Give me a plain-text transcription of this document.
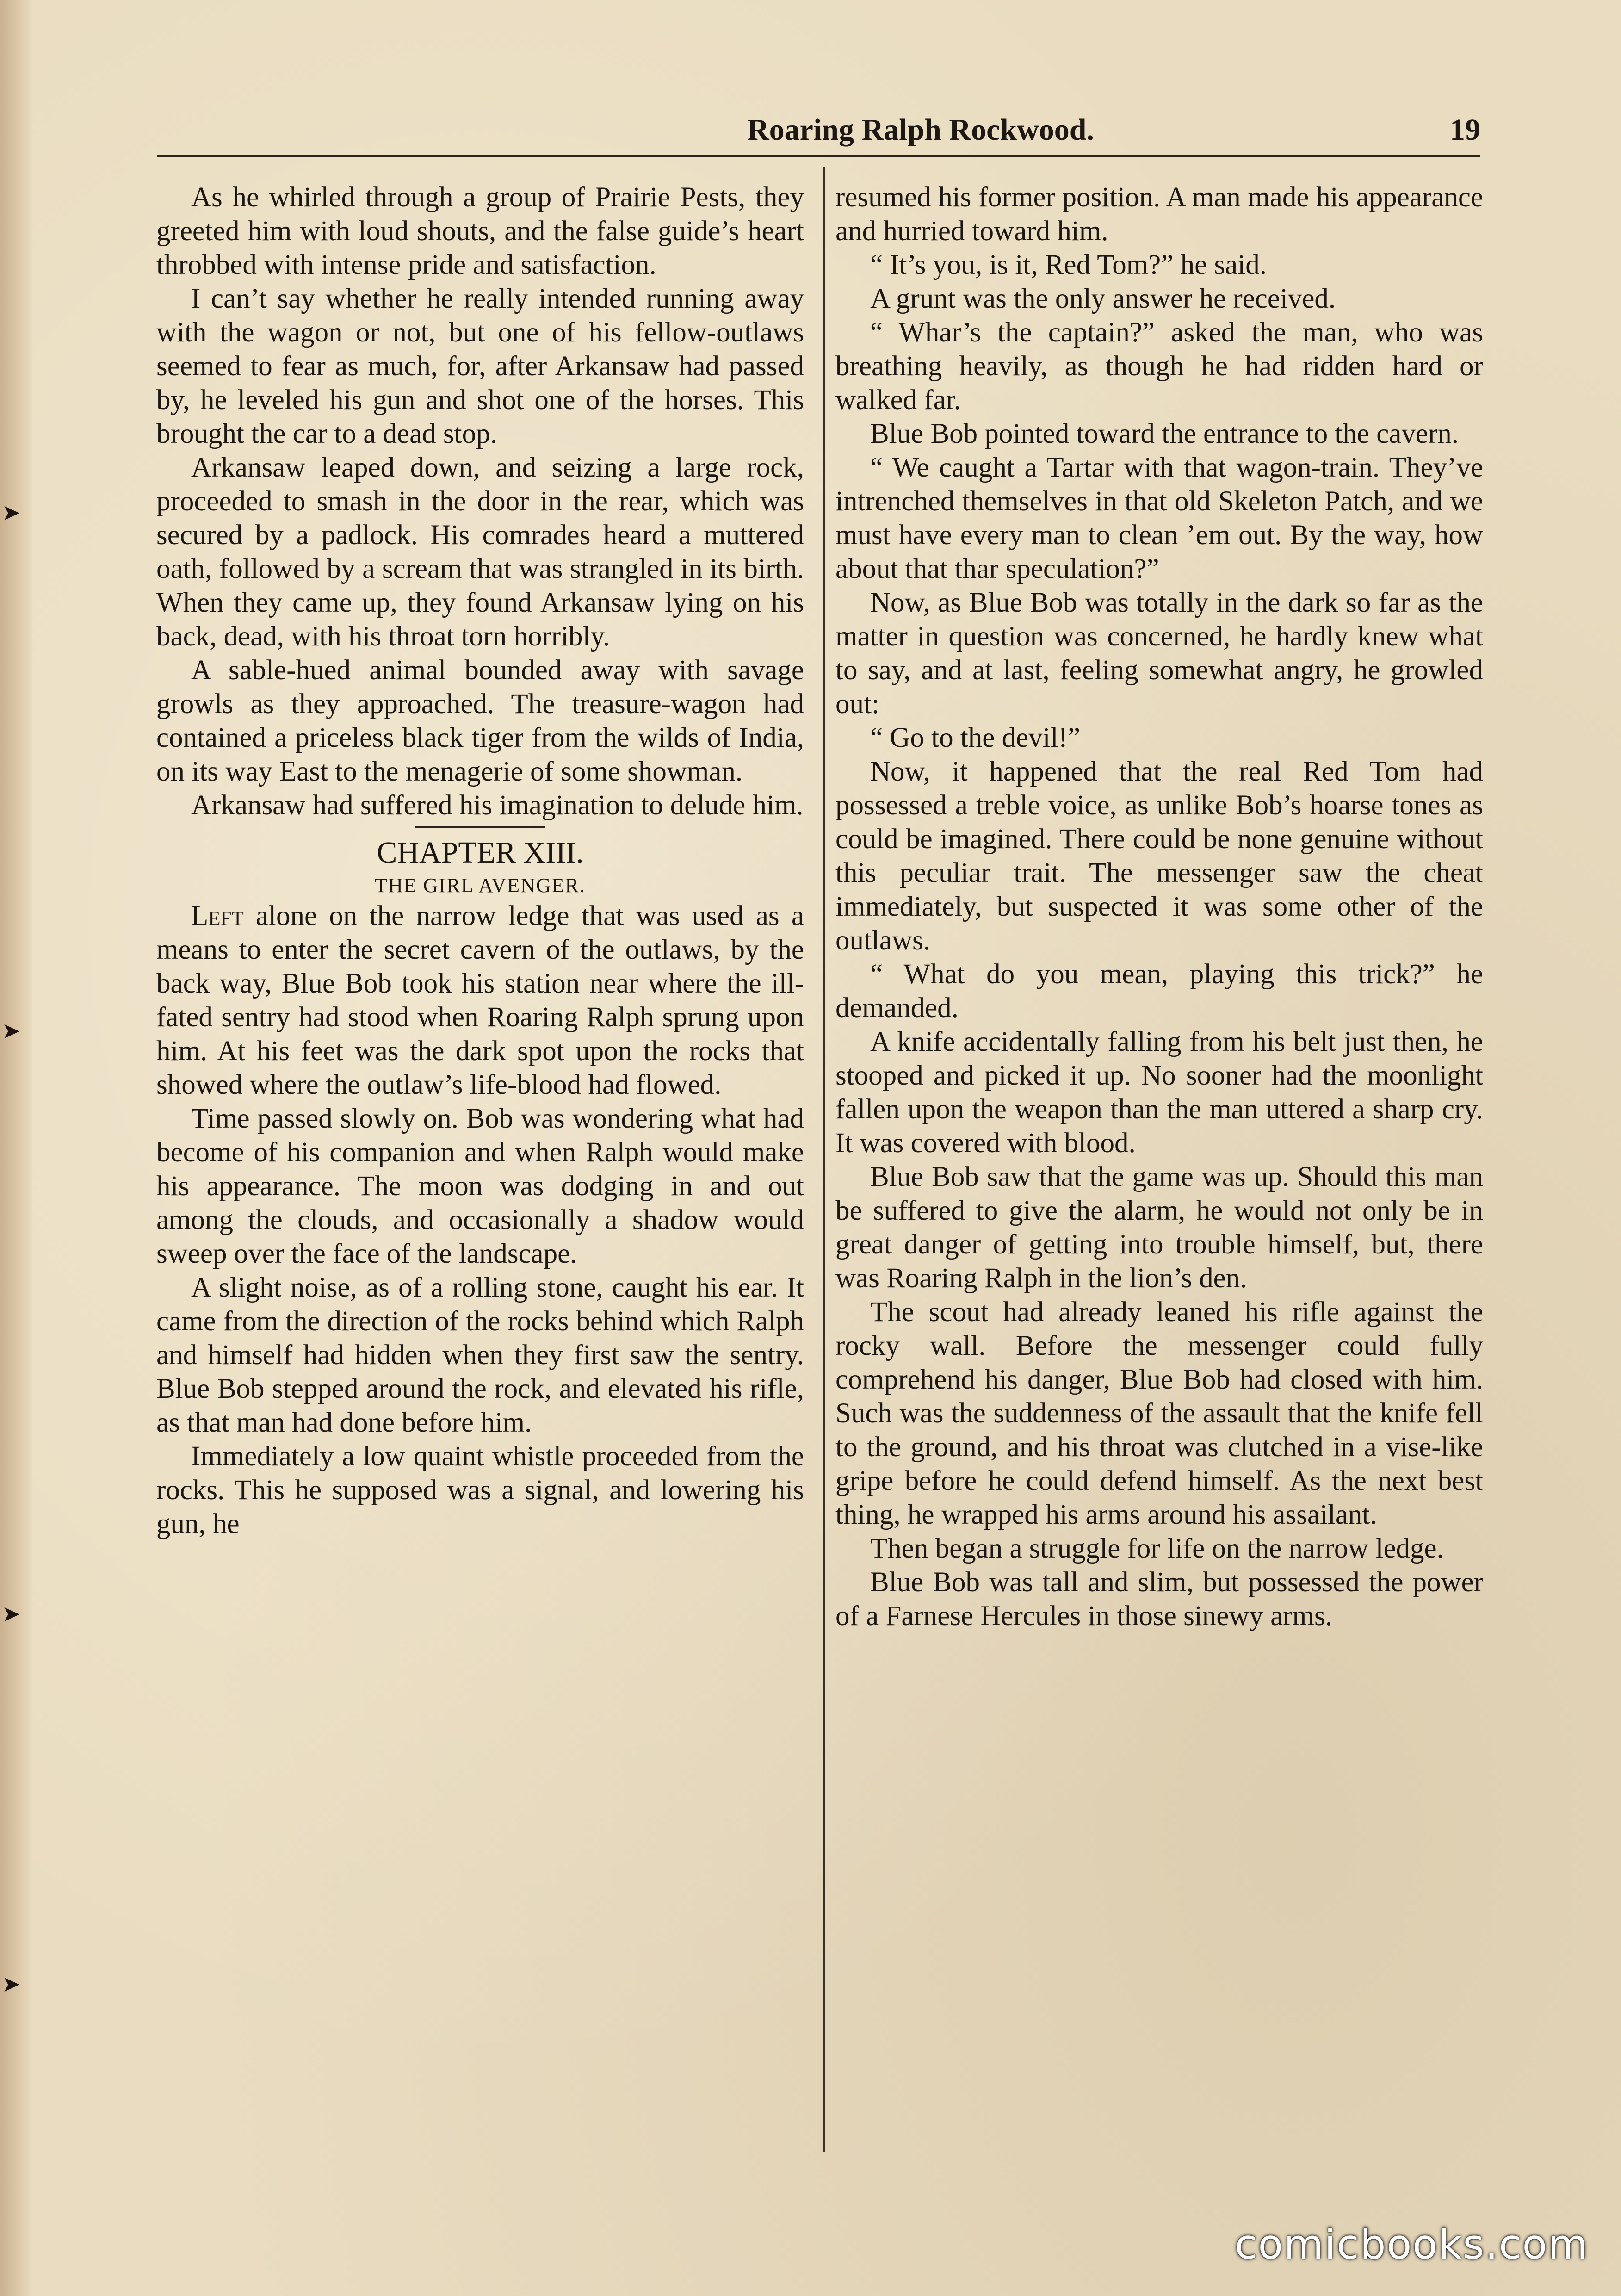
➤
➤
➤
➤
Roaring Ralph Rockwood.	19

As he whirled through a group of Prairie Pests, they greeted him with loud shouts, and the false guide’s heart throbbed with intense pride and satisfaction.

I can’t say whether he really intended running away with the wagon or not, but one of his fellow-outlaws seemed to fear as much, for, after Arkansaw had passed by, he leveled his gun and shot one of the horses. This brought the car to a dead stop.

Arkansaw leaped down, and seizing a large rock, proceeded to smash in the door in the rear, which was secured by a padlock. His comrades heard a muttered oath, followed by a scream that was strangled in its birth. When they came up, they found Arkansaw lying on his back, dead, with his throat torn horribly.

A sable-hued animal bounded away with savage growls as they approached. The treasure-wagon had contained a priceless black tiger from the wilds of India, on its way East to the menagerie of some showman.

Arkansaw had suffered his imagination to delude him.

CHAPTER XIII.
THE GIRL AVENGER.

Left alone on the narrow ledge that was used as a means to enter the secret cavern of the outlaws, by the back way, Blue Bob took his station near where the ill-fated sentry had stood when Roaring Ralph sprung upon him. At his feet was the dark spot upon the rocks that showed where the outlaw’s life-blood had flowed.

Time passed slowly on. Bob was wondering what had become of his companion and when Ralph would make his appearance. The moon was dodging in and out among the clouds, and occasionally a shadow would sweep over the face of the landscape.

A slight noise, as of a rolling stone, caught his ear. It came from the direction of the rocks behind which Ralph and himself had hidden when they first saw the sentry. Blue Bob stepped around the rock, and elevated his rifle, as that man had done before him.

Immediately a low quaint whistle proceeded from the rocks. This he supposed was a signal, and lowering his gun, he

resumed his former position. A man made his appearance and hurried toward him.

“ It’s you, is it, Red Tom?” he said.

A grunt was the only answer he received.

“ Whar’s the captain?” asked the man, who was breathing heavily, as though he had ridden hard or walked far.

Blue Bob pointed toward the entrance to the cavern.

“ We caught a Tartar with that wagon-train. They’ve intrenched themselves in that old Skeleton Patch, and we must have every man to clean ’em out. By the way, how about that thar speculation?”

Now, as Blue Bob was totally in the dark so far as the matter in question was concerned, he hardly knew what to say, and at last, feeling somewhat angry, he growled out:

“ Go to the devil!”

Now, it happened that the real Red Tom had possessed a treble voice, as unlike Bob’s hoarse tones as could be imagined. There could be none genuine without this peculiar trait. The messenger saw the cheat immediately, but suspected it was some other of the outlaws.

“ What do you mean, playing this trick?” he demanded.

A knife accidentally falling from his belt just then, he stooped and picked it up. No sooner had the moonlight fallen upon the weapon than the man uttered a sharp cry. It was covered with blood.

Blue Bob saw that the game was up. Should this man be suffered to give the alarm, he would not only be in great danger of getting into trouble himself, but, there was Roaring Ralph in the lion’s den.

The scout had already leaned his rifle against the rocky wall. Before the messenger could fully comprehend his danger, Blue Bob had closed with him. Such was the suddenness of the assault that the knife fell to the ground, and his throat was clutched in a vise-like gripe before he could defend himself. As the next best thing, he wrapped his arms around his assailant.

Then began a struggle for life on the narrow ledge.

Blue Bob was tall and slim, but possessed the power of a Farnese Hercules in those sinewy arms.

comicbooks.com
